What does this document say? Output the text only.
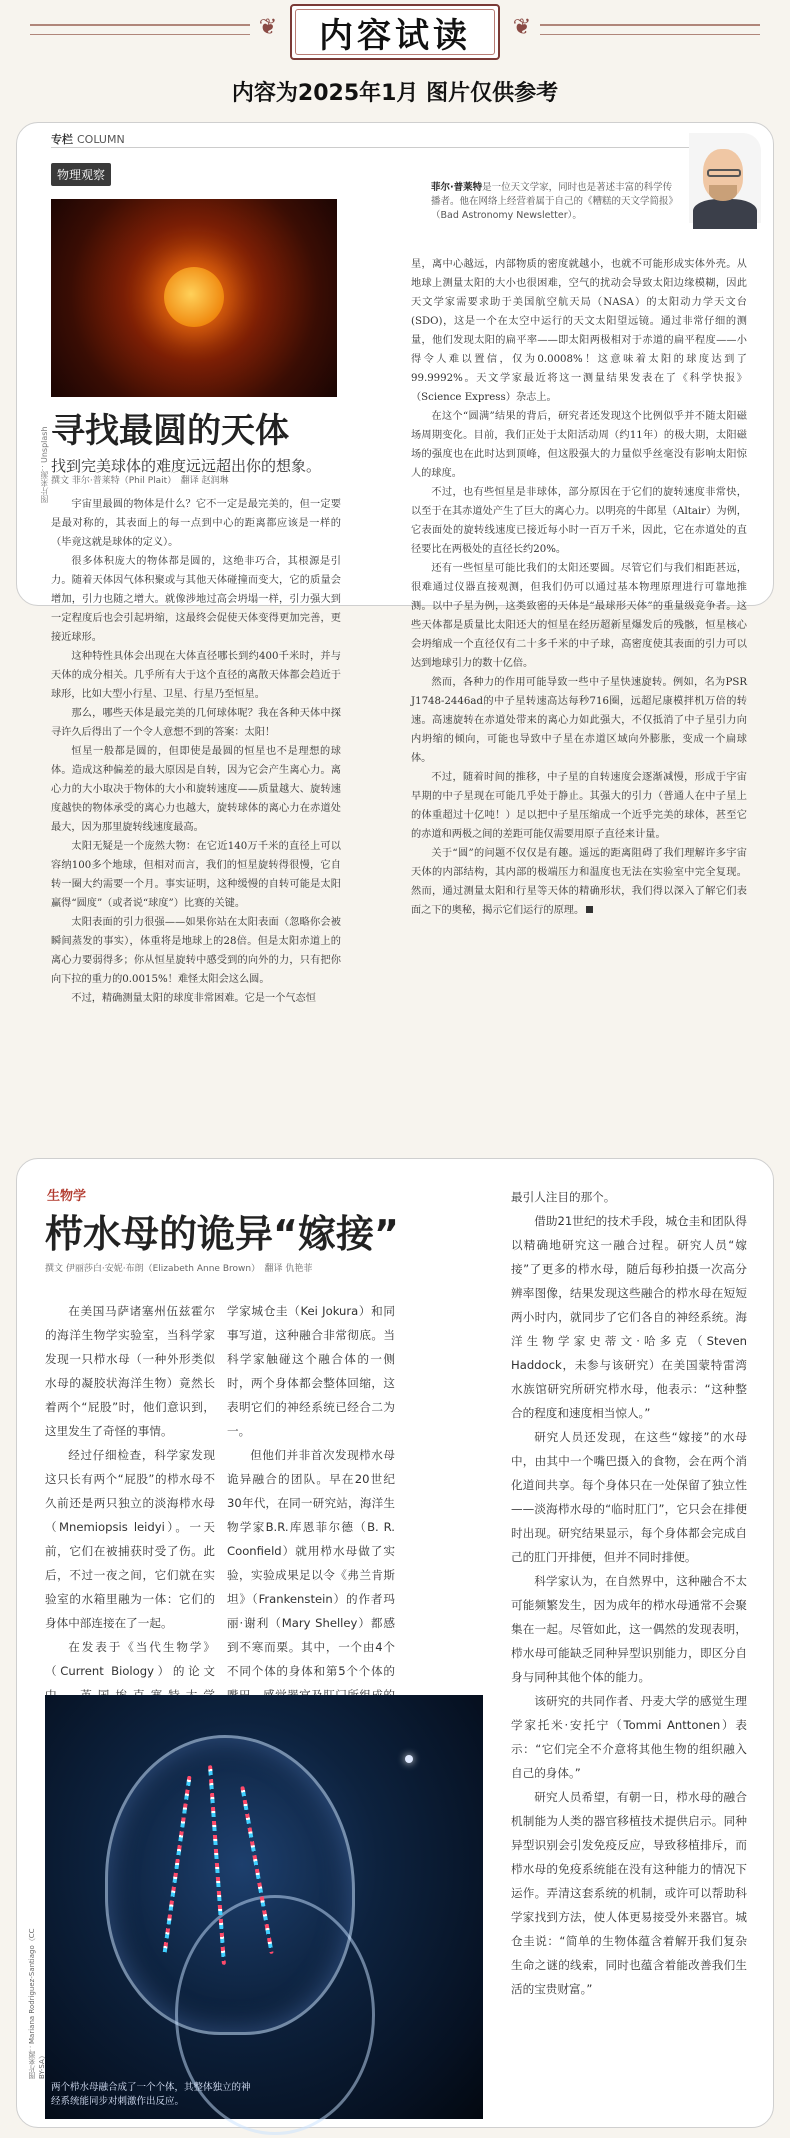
❦	❦
内容试读
内容为2025年1月 图片仅供参考
专栏 COLUMN
物理观察
图片来源：Unsplash 寻找最圆的天体
找到完美球体的难度远远超出你的想象。
撰文 菲尔·普莱特（Phil Plait）　翻译 赵润琳

宇宙里最圆的物体是什么？它不一定是最完美的，但一定要是最对称的，其表面上的每一点到中心的距离都应该是一样的（毕竟这就是球体的定义）。

很多体积庞大的物体都是圆的，这绝非巧合，其根源是引力。随着天体因气体积聚或与其他天体碰撞而变大，它的质量会增加，引力也随之增大。就像涉地过高会坍塌一样，引力强大到一定程度后也会引起坍缩，这最终会促使天体变得更加完善，更接近球形。

这种特性具体会出现在大体直径哪长到约400千米时，并与天体的成分相关。几乎所有大于这个直径的离散天体都会趋近于球形，比如大型小行星、卫星、行星乃至恒星。

那么，哪些天体是最完美的几何球体呢？我在各种天体中探寻许久后得出了一个令人意想不到的答案：太阳！

恒星一般都是圆的，但即使是最圆的恒星也不是理想的球体。造成这种偏差的最大原因是自转，因为它会产生离心力。离心力的大小取决于物体的大小和旋转速度——质量越大、旋转速度越快的物体承受的离心力也越大，旋转球体的离心力在赤道处最大，因为那里旋转线速度最高。

太阳无疑是一个庞然大物：在它近140万千米的直径上可以容纳100多个地球，但相对而言，我们的恒星旋转得很慢，它自转一圈大约需要一个月。事实证明，这种缓慢的自转可能是太阳赢得“圆度”（或者说“球度”）比赛的关键。

太阳表面的引力很强——如果你站在太阳表面（忽略你会被瞬间蒸发的事实），体重将是地球上的28倍。但是太阳赤道上的离心力要弱得多；你从恒星旋转中感受到的向外的力，只有把你向下拉的重力的0.0015%！难怪太阳会这么圆。

不过，精确测量太阳的球度非常困难。它是一个气态恒

菲尔·普莱特是一位天文学家，同时也是著述丰富的科学传播者。他在网络上经营着属于自己的《糟糕的天文学简报》（Bad Astronomy Newsletter）。

星，离中心越远，内部物质的密度就越小，也就不可能形成实体外壳。从地球上测量太阳的大小也很困难，空气的扰动会导致太阳边缘模糊，因此天文学家需要求助于美国航空航天局（NASA）的太阳动力学天文台(SDO)，这是一个在太空中运行的天文太阳望远镜。通过非常仔细的测量，他们发现太阳的扁平率——即太阳两极相对于赤道的扁平程度——小得令人难以置信，仅为0.0008%！这意味着太阳的球度达到了99.9992%。天文学家最近将这一测量结果发表在了《科学快报》（Science Express）杂志上。

在这个“圆满”结果的背后，研究者还发现这个比例似乎并不随太阳磁场周期变化。目前，我们正处于太阳活动周（约11年）的极大期，太阳磁场的强度也在此时达到顶峰，但这股强大的力量似乎丝毫没有影响太阳惊人的球度。

不过，也有些恒星是非球体，部分原因在于它们的旋转速度非常快，以至于在其赤道处产生了巨大的离心力。以明亮的牛郎星（Altair）为例，它表面处的旋转线速度已接近每小时一百万千米，因此，它在赤道处的直径要比在两极处的直径长约20%。

还有一些恒星可能比我们的太阳还要圆。尽管它们与我们相距甚远，很难通过仪器直接观测，但我们仍可以通过基本物理原理进行可靠地推测。以中子星为例，这类致密的天体是“最球形天体”的重量级竞争者。这些天体都是质量比太阳还大的恒星在经历超新星爆发后的残骸，恒星核心会坍缩成一个直径仅有二十多千米的中子球，高密度使其表面的引力可以达到地球引力的数十亿倍。

然而，各种力的作用可能导致一些中子星快速旋转。例如，名为PSR J1748-2446ad的中子星转速高达每秒716圈，远超尼康模拌机万倍的转速。高速旋转在赤道处带来的离心力如此强大，不仅抵消了中子星引力向内坍缩的倾向，可能也导致中子星在赤道区域向外膨胀，变成一个扁球体。

不过，随着时间的推移，中子星的自转速度会逐渐减慢，形成于宇宙早期的中子星现在可能几乎处于静止。其强大的引力（普通人在中子星上的体重超过十亿吨！）足以把中子星压缩成一个近乎完美的球体，甚至它的赤道和两极之间的差距可能仅需要用原子直径来计量。

关于“圆”的问题不仅仅是有趣。遥远的距离阻碍了我们理解许多宇宙天体的内部结构，其内部的极端压力和温度也无法在实验室中完全复现。然而，通过测量太阳和行星等天体的精确形状，我们得以深入了解它们表面之下的奥秘，揭示它们运行的原理。

生物学
栉水母的诡异“嫁接”
撰文 伊丽莎白·安妮·布朗（Elizabeth Anne Brown）　翻译 仇艳菲

在美国马萨诸塞州伍兹霍尔的海洋生物学实验室，当科学家发现一只栉水母（一种外形类似水母的凝胶状海洋生物）竟然长着两个“屁股”时，他们意识到，这里发生了奇怪的事情。

经过仔细检查，科学家发现这只长有两个“屁股”的栉水母不久前还是两只独立的淡海栉水母（Mnemiopsis leidyi）。一天前，它们在被捕获时受了伤。此后，不过一夜之间，它们就在实验室的水箱里融为一体：它们的身体中部连接在了一起。

在发表于《当代生物学》（Current Biology）的论文

学家城仓圭（Kei Jokura）和同事写道，这种融合非常彻底。当科学家触碰这个融合体的一侧时，两个身体都会整体回缩，这表明它们的神经系统已经合二为一。

但他们并非首次发现栉水母诡异融合的团队。早在20世纪30年代，在同一研究站，海洋生物学家B.R.库恩菲尔德（B. R. Coonfield）就用栉水母做了实验，实验成果足以令《弗兰肯斯坦》（Frankenstein）的作者玛丽·谢利（Mary Shelley）都感到不寒而栗。其中，一个由4个不同个体的身体和第5个个体的

最引人注目的那个。

借助21世纪的技术手段，城仓圭和团队得以精确地研究这一融合过程。研究人员“嫁接”了更多的栉水母，随后每秒拍摄一次高分辨率图像，结果发现这些融合的栉水母在短短两小时内，就同步了它们各自的神经系统。海洋生物学家史蒂文·哈多克（Steven Haddock，未参与该研究）在美国蒙特雷湾水族馆研究所研究栉水母，他表示：“这种整合的程度和速度相当惊人。”

研究人员还发现，在这些“嫁接”的水母中，由其中一个嘴巴摄入的食物，会在两个消化道间共享。每个身体只在一处保留了独立性——淡海栉水母的“临时肛门”，它只会在排便时出现。研究结果显示，每个身体都会完成自己的肛门开排便，但并不同时排便。

科学家认为，在自然界中，这种融合不太可能频繁发生，因为成年的栉水母通常不会聚集在一起。尽管如此，这一偶然的发现表明，栉水母可能缺乏同种异型识别能力，即区分自身与同种其他个体的能力。

该研究的共同作者、丹麦大学的感觉生理学家托米·安托宁（Tommi Anttonen）表示：“它们完全不介意将其他生物的组织融入自己的身体。”

研究人员希望，有朝一日，栉水母的融合机制能为人类的器官移植技术提供启示。同种异型识别会引发免疫反应，导致移植排斥，而栉水母的免疫系统能在没有这种能力的情况下运作。弄清这套系统的机制，或许可以帮助科学家找到方法，使人体更易接受外来器官。城仓圭说：“简单的生物体蕴含着解开我们复杂生命之谜的线索，同时也蕴含着能改善我们生活的宝贵财富。”

两个栉水母融合成了一个个体，其整体独立的神经系统能同步对刺激作出反应。
图片来源：Mariana Rodriguez-Santiago（CC BY-SA）
